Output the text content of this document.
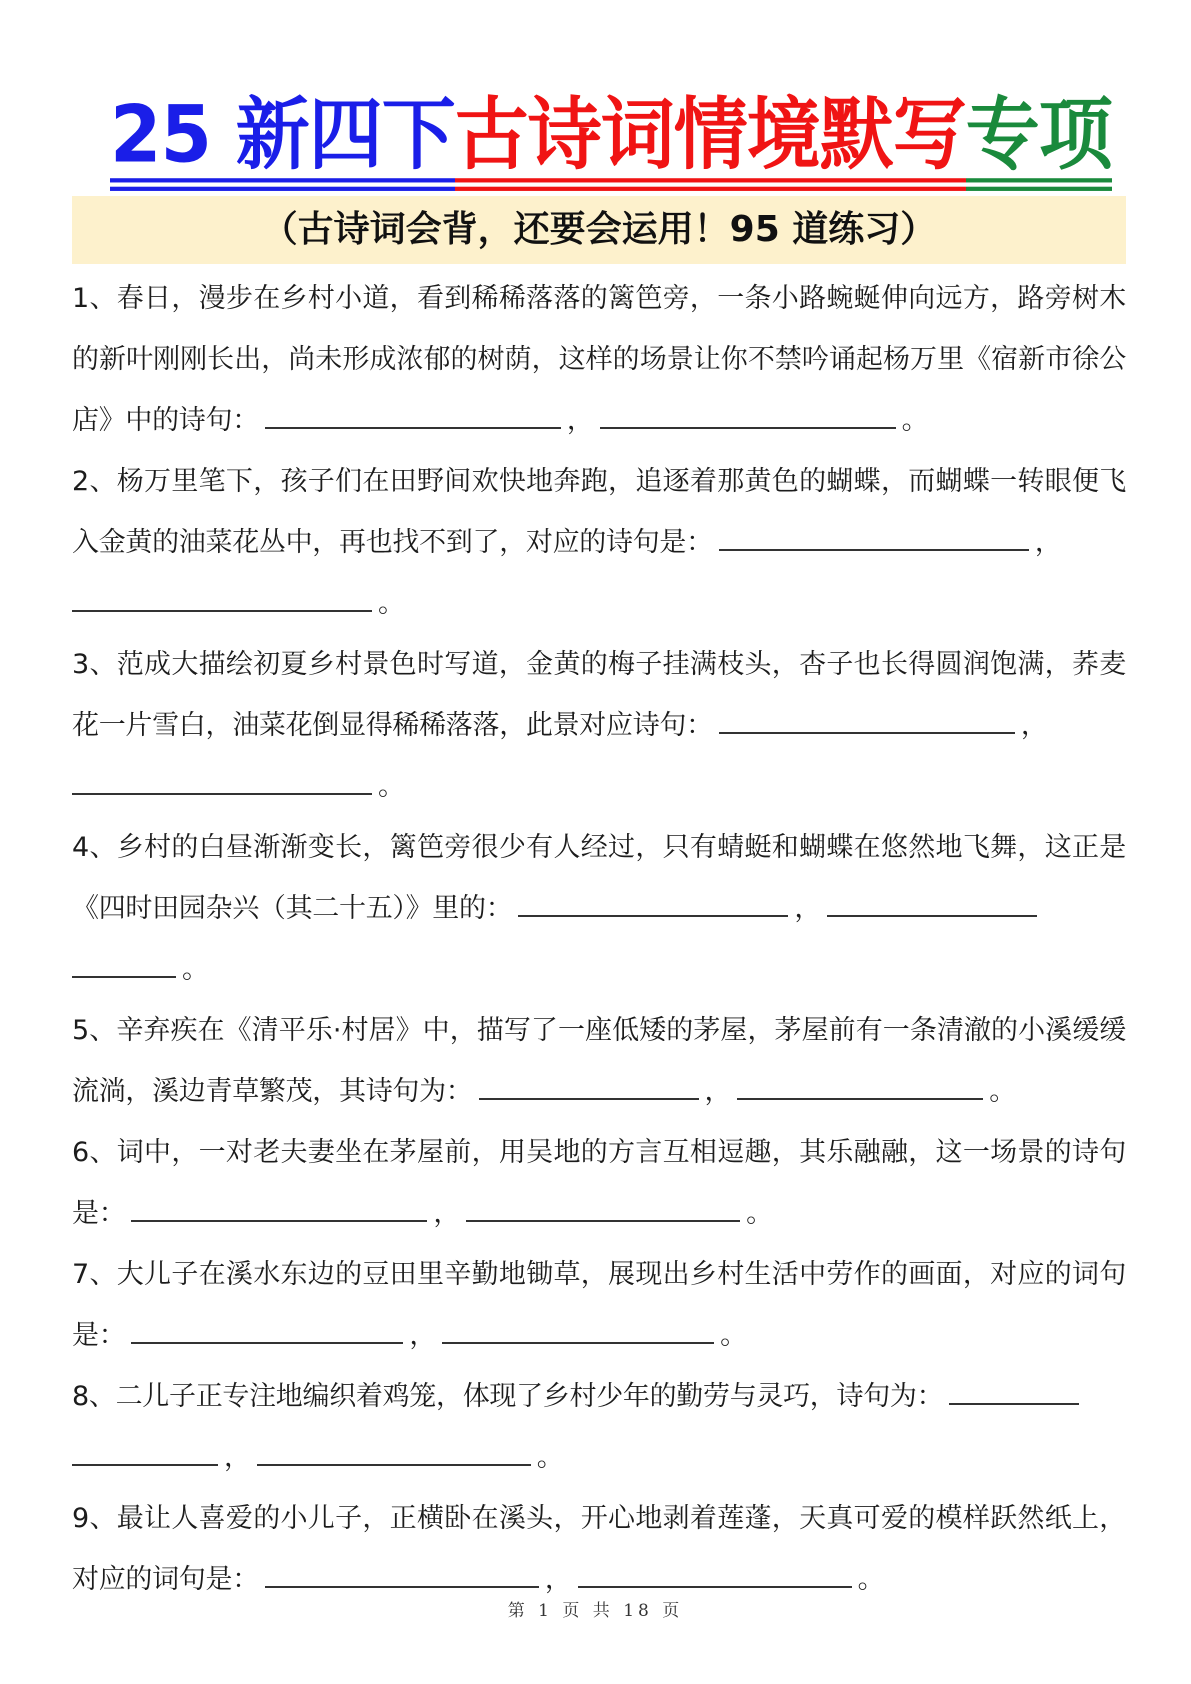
25 新四下古诗词情境默写专项
（古诗词会背，还要会运用！95 道练习）

1、春日，漫步在乡村小道，看到稀稀落落的篱笆旁，一条小路蜿蜒伸向远方，路旁树木的新叶刚刚长出，尚未形成浓郁的树荫，这样的场景让你不禁吟诵起杨万里《宿新市徐公店》中的诗句：	，	。

2、杨万里笔下，孩子们在田野间欢快地奔跑，追逐着那黄色的蝴蝶，而蝴蝶一转眼便飞入金黄的油菜花丛中，再也找不到了，对应的诗句是：	，
。

3、范成大描绘初夏乡村景色时写道，金黄的梅子挂满枝头，杏子也长得圆润饱满，荞麦花一片雪白，油菜花倒显得稀稀落落，此景对应诗句：	，
。

4、乡村的白昼渐渐变长，篱笆旁很少有人经过，只有蜻蜓和蝴蝶在悠然地飞舞，这正是《四时田园杂兴（其二十五）》里的：	，
。

5、辛弃疾在《清平乐·村居》中，描写了一座低矮的茅屋，茅屋前有一条清澈的小溪缓缓流淌，溪边青草繁茂，其诗句为：	，	。

6、词中，一对老夫妻坐在茅屋前，用吴地的方言互相逗趣，其乐融融，这一场景的诗句是：	，	。

7、大儿子在溪水东边的豆田里辛勤地锄草，展现出乡村生活中劳作的画面，对应的词句是：	，	。

8、二儿子正专注地编织着鸡笼，体现了乡村少年的勤劳与灵巧，诗句为：
，	。

9、最让人喜爱的小儿子，正横卧在溪头，开心地剥着莲蓬，天真可爱的模样跃然纸上，对应的词句是：	，	。

第 1 页 共 18 页
